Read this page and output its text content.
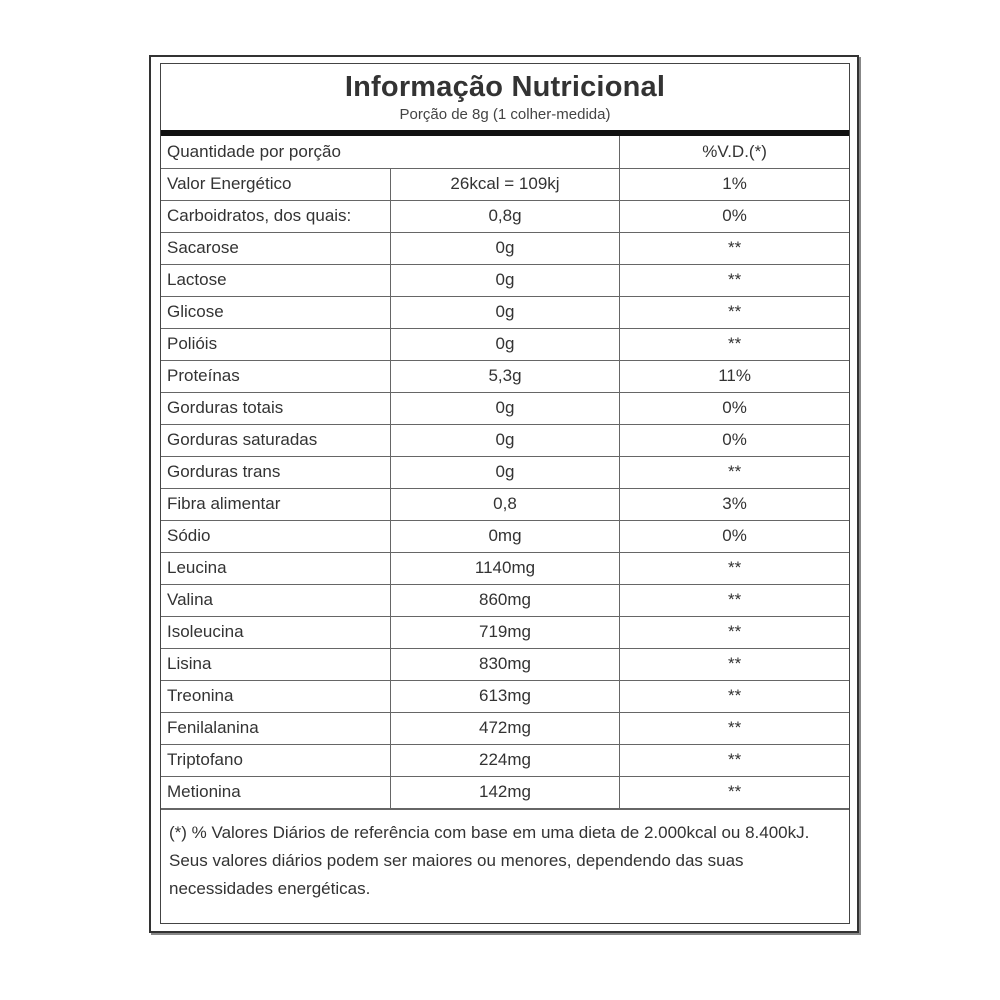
Informação Nutricional
Porção de 8g (1 colher-medida)
Quantidade por porção		%V.D.(*)
Valor Energético	26kcal = 109kj	1%
Carboidratos, dos quais:	0,8g	0%
Sacarose	0g	**
Lactose	0g	**
Glicose	0g	**
Polióis	0g	**
Proteínas	5,3g	11%
Gorduras totais	0g	0%
Gorduras saturadas	0g	0%
Gorduras trans	0g	**
Fibra alimentar	0,8	3%
Sódio	0mg	0%
Leucina	1140mg	**
Valina	860mg	**
Isoleucina	719mg	**
Lisina	830mg	**
Treonina	613mg	**
Fenilalanina	472mg	**
Triptofano	224mg	**
Metionina	142mg	**
(*) % Valores Diários de referência com base em uma dieta de 2.000kcal ou 8.400kJ. Seus valores diários podem ser maiores ou menores, dependendo das suas necessidades energéticas.
